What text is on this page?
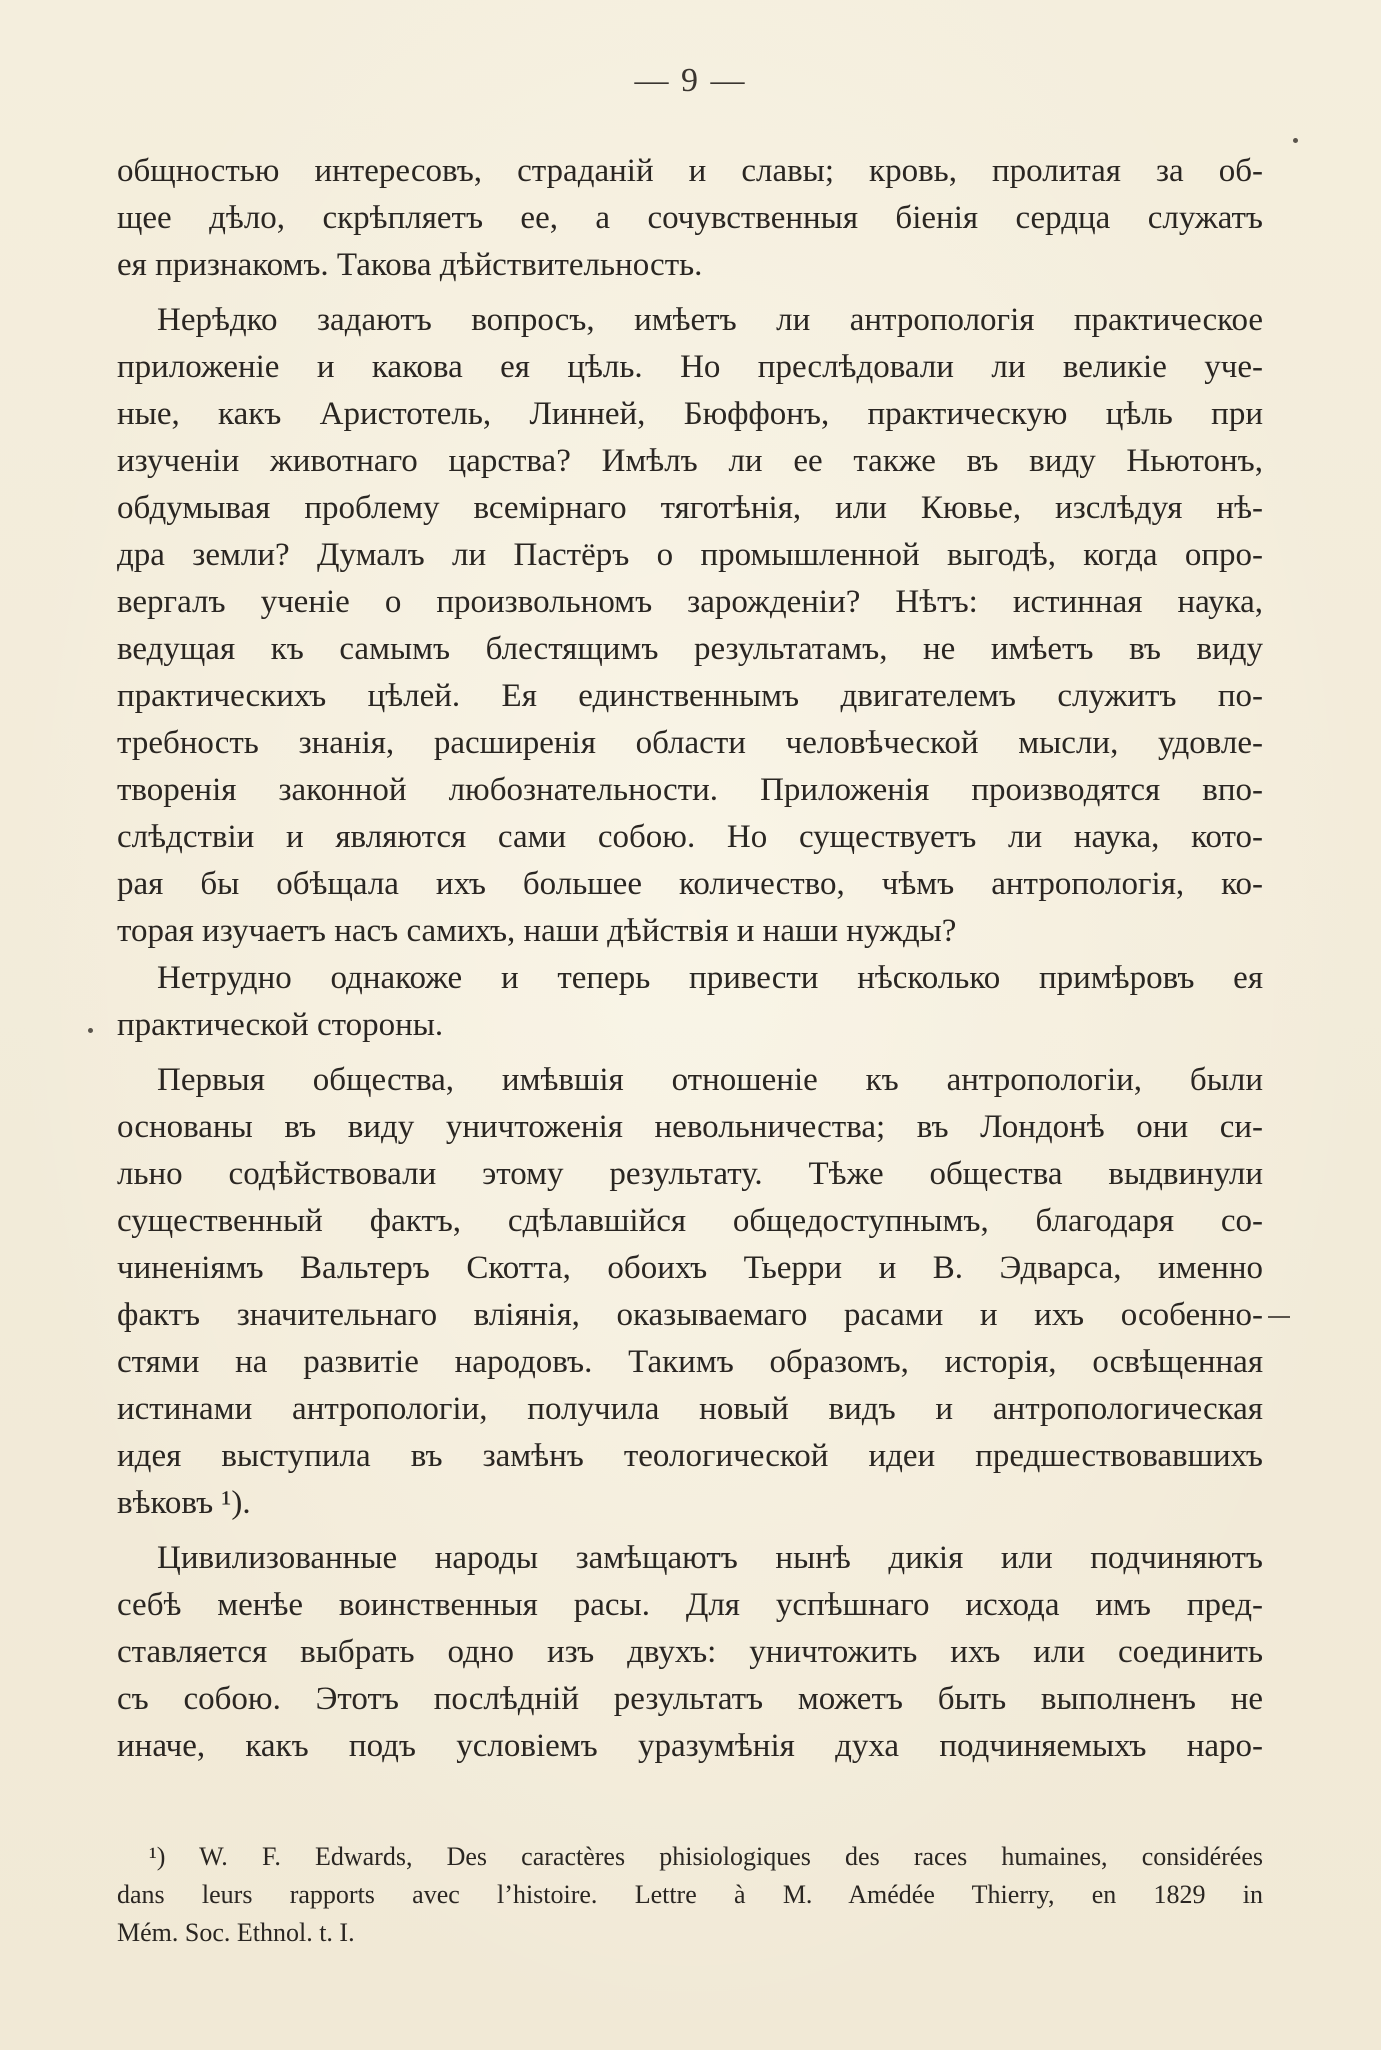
— 9 —
общностью интересовъ, страданій и славы; кровь, пролитая за об-
щее дѣло, скрѣпляетъ ее, а сочувственныя біенія сердца служатъ
ея признакомъ. Такова дѣйствительность.
Нерѣдко задаютъ вопросъ, имѣетъ ли антропологія практическое
приложеніе и какова ея цѣль. Но преслѣдовали ли великіе уче-
ные, какъ Аристотель, Линней, Бюффонъ, практическую цѣль при
изученіи животнаго царства? Имѣлъ ли ее также въ виду Ньютонъ,
обдумывая проблему всемірнаго тяготѣнія, или Кювье, изслѣдуя нѣ-
дра земли? Думалъ ли Пастёръ о промышленной выгодѣ, когда опро-
вергалъ ученіе о произвольномъ зарожденіи? Нѣтъ: истинная наука,
ведущая къ самымъ блестящимъ результатамъ, не имѣетъ въ виду
практическихъ цѣлей. Ея единственнымъ двигателемъ служитъ по-
требность знанія, расширенія области человѣческой мысли, удовле-
творенія законной любознательности. Приложенія производятся впо-
слѣдствіи и являются сами собою. Но существуетъ ли наука, кото-
рая бы обѣщала ихъ большее количество, чѣмъ антропологія, ко-
торая изучаетъ насъ самихъ, наши дѣйствія и наши нужды?
Нетрудно однакоже и теперь привести нѣсколько примѣровъ ея
практической стороны.
Первыя общества, имѣвшія отношеніе къ антропологіи, были
основаны въ виду уничтоженія невольничества; въ Лондонѣ они си-
льно содѣйствовали этому результату. Тѣже общества выдвинули
существенный фактъ, сдѣлавшійся общедоступнымъ, благодаря со-
чиненіямъ Вальтеръ Скотта, обоихъ Тьерри и В. Эдварса, именно
фактъ значительнаго вліянія, оказываемаго расами и ихъ особенно-
стями на развитіе народовъ. Такимъ образомъ, исторія, освѣщенная
истинами антропологіи, получила новый видъ и антропологическая
идея выступила въ замѣнъ теологической идеи предшествовавшихъ
вѣковъ ¹).
Цивилизованные народы замѣщаютъ нынѣ дикія или подчиняютъ
себѣ менѣе воинственныя расы. Для успѣшнаго исхода имъ пред-
ставляется выбрать одно изъ двухъ: уничтожить ихъ или соединить
съ собою. Этотъ послѣдній результатъ можетъ быть выполненъ не
иначе, какъ подъ условіемъ уразумѣнія духа подчиняемыхъ наро-
¹) W. F. Edwards, Des caractères phisiologiques des races humaines, considérées
dans leurs rapports avec l’histoire. Lettre à M. Amédée Thierry, en 1829 in
Mém. Soc. Ethnol. t. I.
